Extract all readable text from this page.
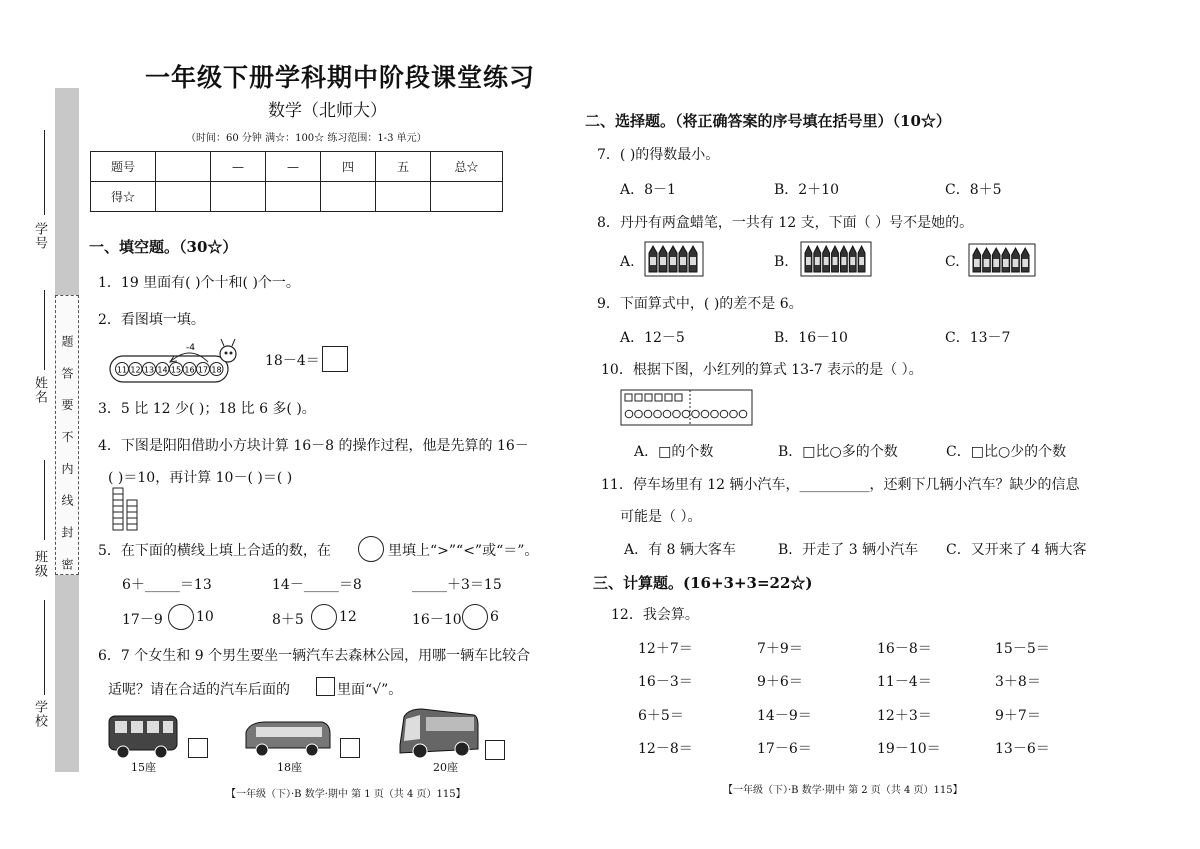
题 答 要 不 内 线 封 密
学号
姓名
班级
学校
一年级下册学科期中阶段课堂练习
数学（北师大）
（时间：60 分钟 满☆：100☆ 练习范围：1-3 单元）
题号		—	—	四	五	总☆
得☆						
一、填空题。（30☆）
1．19 里面有( )个十和( )个一。
2．看图填一填。
-4
11 12 13 14 15 16 17 18
18－4＝
3．5 比 12 少( )；18 比 6 多( )。
4．下图是阳阳借助小方块计算 16－8 的操作过程，他是先算的 16－
( )＝10，再计算 10－( )＝( )
5．在下面的横线上填上合适的数，在	里填上“>”“<”或“＝”。
6＋_____＝13	14－_____＝8	_____＋3＝15
17－9 10	8＋5	12	16－10 6
6．7 个女生和 9 个男生要坐一辆汽车去森林公园，用哪一辆车比较合
适呢？请在合适的汽车后面的	里面“√”。
15座	18座	20座
【一年级（下）·B 数学·期中 第 1 页（共 4 页）115】
二、选择题。（将正确答案的序号填在括号里）（10☆）
7．( )的得数最小。
A．8－1	B．2＋10	C．8＋5
8．丹丹有两盒蜡笔，一共有 12 支，下面（ ）号不是她的。
A.	B.	C.
9．下面算式中，( )的差不是 6。
A．12－5	B．16－10	C．13－7
10．根据下图，小红列的算式 13-7 表示的是（ ）。
A．□的个数	B．□比○多的个数	C．□比○少的个数
11．停车场里有 12 辆小汽车，__________，还剩下几辆小汽车？缺少的信息
可能是（ ）。
A．有 8 辆大客车	B．开走了 3 辆小汽车 C．又开来了 4 辆大客
三、计算题。(16+3+3=22☆)
12．我会算。
12＋7＝	7＋9＝	16－8＝	15－5＝
16－3＝	9＋6＝	11－4＝	3＋8＝
6＋5＝	14－9＝	12＋3＝	9＋7＝
12－8＝	17－6＝	19－10＝	13－6＝
【一年级（下）·B 数学·期中 第 2 页（共 4 页）115】
